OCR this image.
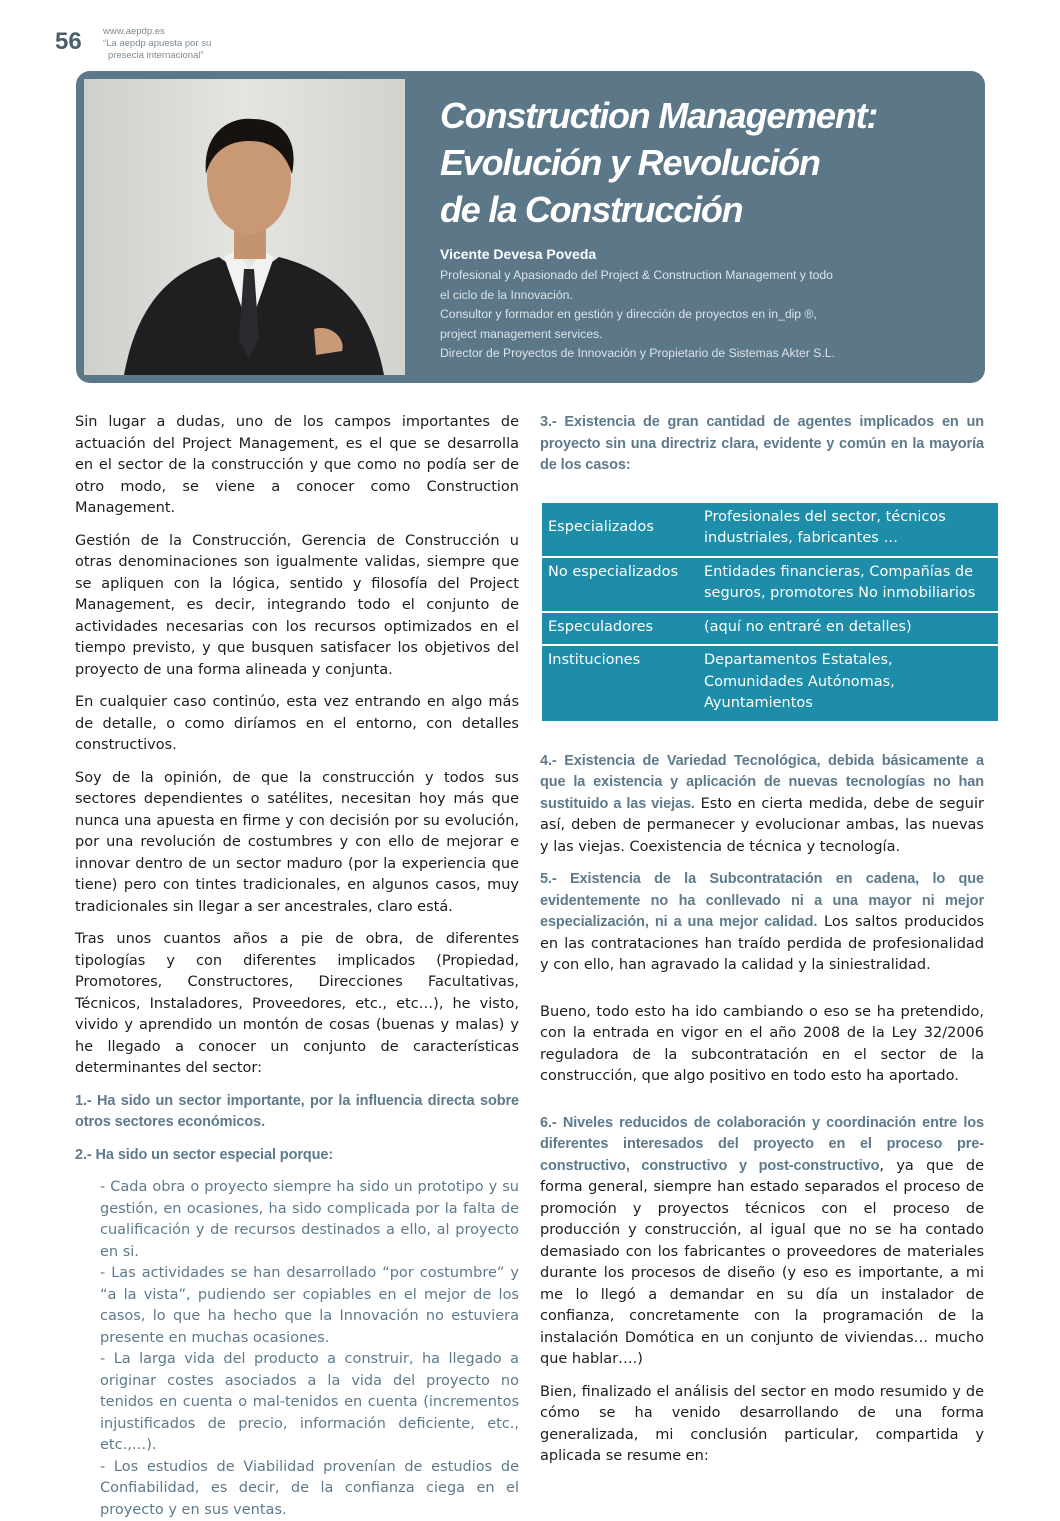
56 www.aepdp.es
“La aepdp apuesta por su
presecia internacional”
Construction Management:
Evolución y Revolución
de la Construcción
Vicente Devesa Poveda
Profesional y Apasionado del Project & Construction Management y todo
el ciclo de la Innovación.
Consultor y formador en gestión y dirección de proyectos en in_dip ®,
project management services.
Director de Proyectos de Innovación y Propietario de Sistemas Akter S.L.

Sin lugar a dudas, uno de los campos importantes de actuación del Project Management, es el que se desarrolla en el sector de la construcción y que como no podía ser de otro modo, se viene a conocer como Construction Management.

Gestión de la Construcción, Gerencia de Construcción u otras denominaciones son igualmente validas, siempre que se apliquen con la lógica, sentido y filosofía del Project Management, es decir, integrando todo el conjunto de actividades necesarias con los recursos optimizados en el tiempo previsto, y que busquen satisfacer los objetivos del proyecto de una forma alineada y conjunta.

En cualquier caso continúo, esta vez entrando en algo más de detalle, o como diríamos en el entorno, con detalles constructivos.

Soy de la opinión, de que la construcción y todos sus sectores dependientes o satélites, necesitan hoy más que nunca una apuesta en firme y con decisión por su evolución, por una revolución de costumbres y con ello de mejorar e innovar dentro de un sector maduro (por la experiencia que tiene) pero con tintes tradicionales, en algunos casos, muy tradicionales sin llegar a ser ancestrales, claro está.

Tras unos cuantos años a pie de obra, de diferentes tipologías y con diferentes implicados (Propiedad, Promotores, Constructores, Direcciones Facultativas, Técnicos, Instaladores, Proveedores, etc., etc…), he visto, vivido y aprendido un montón de cosas (buenas y malas) y he llegado a conocer un conjunto de características determinantes del sector:

1.- Ha sido un sector importante, por la influencia directa sobre otros sectores económicos.

2.- Ha sido un sector especial porque:

- Cada obra o proyecto siempre ha sido un prototipo y su gestión, en ocasiones, ha sido complicada por la falta de cualificación y de recursos destinados a ello, al proyecto en si.
- Las actividades se han desarrollado “por costumbre” y “a la vista”, pudiendo ser copiables en el mejor de los casos, lo que ha hecho que la Innovación no estuviera presente en muchas ocasiones.
- La larga vida del producto a construir, ha llegado a originar costes asociados a la vida del proyecto no tenidos en cuenta o mal-tenidos en cuenta (incrementos injustificados de precio, información deficiente, etc., etc.,…).
- Los estudios de Viabilidad provenían de estudios de Confiabilidad, es decir, de la confianza ciega en el proyecto y en sus ventas.

3.- Existencia de gran cantidad de agentes implicados en un proyecto sin una directriz clara, evidente y común en la mayoría de los casos:

Especializados	Profesionales del sector, técnicos industriales, fabricantes …
No especializados	Entidades financieras, Compañías de seguros, promotores No inmobiliarios
Especuladores	(aquí no entraré en detalles)
Instituciones	Departamentos Estatales, Comunidades Autónomas, Ayuntamientos

4.- Existencia de Variedad Tecnológica, debida básicamente a que la existencia y aplicación de nuevas tecnologías no han sustituido a las viejas. Esto en cierta medida, debe de seguir así, deben de permanecer y evolucionar ambas, las nuevas y las viejas. Coexistencia de técnica y tecnología.

5.- Existencia de la Subcontratación en cadena, lo que evidentemente no ha conllevado ni a una mayor ni mejor especialización, ni a una mejor calidad. Los saltos producidos en las contrataciones han traído perdida de profesionalidad y con ello, han agravado la calidad y la siniestralidad.

Bueno, todo esto ha ido cambiando o eso se ha pretendido, con la entrada en vigor en el año 2008 de la Ley 32/2006 reguladora de la subcontratación en el sector de la construcción, que algo positivo en todo esto ha aportado.

6.- Niveles reducidos de colaboración y coordinación entre los diferentes interesados del proyecto en el proceso pre-constructivo, constructivo y post-constructivo, ya que de forma general, siempre han estado separados el proceso de promoción y proyectos técnicos con el proceso de producción y construcción, al igual que no se ha contado demasiado con los fabricantes o proveedores de materiales durante los procesos de diseño (y eso es importante, a mi me lo llegó a demandar en su día un instalador de confianza, concretamente con la programación de la instalación Domótica en un conjunto de viviendas… mucho que hablar….)

Bien, finalizado el análisis del sector en modo resumido y de cómo se ha venido desarrollando de una forma generalizada, mi conclusión particular, compartida y aplicada se resume en:
